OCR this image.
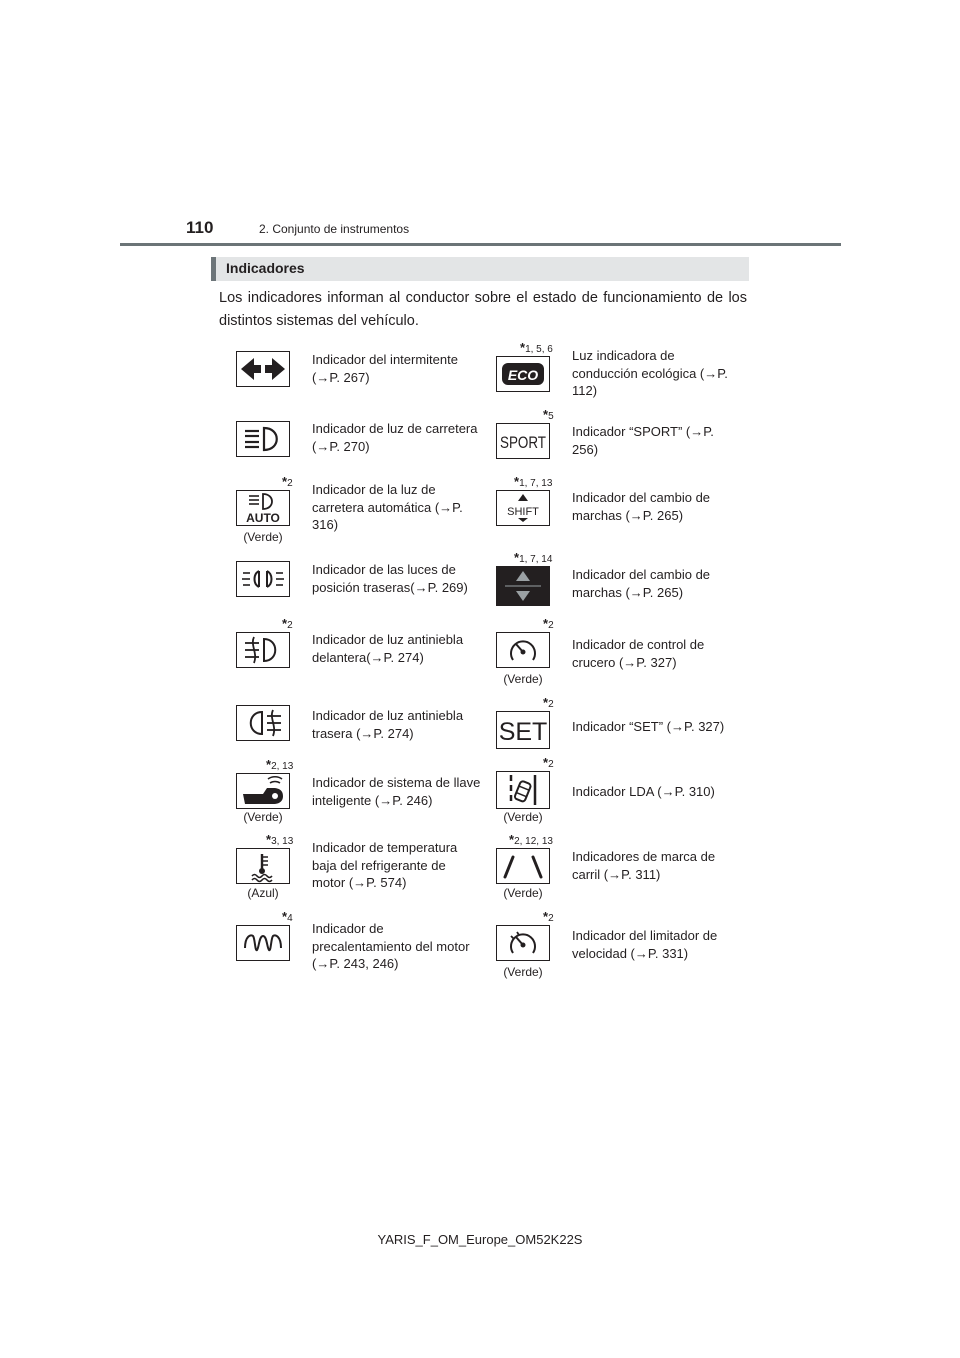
110	2. Conjunto de instrumentos
Indicadores
Los indicadores informan al conductor sobre el estado de funcionamiento de los distintos sistemas del vehículo.
Indicador del intermitente (→P. 267)
Indicador de luz de carretera (→P. 270)
*2
AUTO
(Verde)
Indicador de la luz de carretera automática (→P. 316)
Indicador de las luces de posición traseras(→P. 269)
*2
Indicador de luz antiniebla delantera(→P. 274)
Indicador de luz antiniebla trasera (→P. 274)
*2, 13
(Verde)
Indicador de sistema de llave inteligente (→P. 246)
*3, 13
(Azul)
Indicador de temperatura baja del refrigerante de motor (→P. 574)
*4
Indicador de precalentamiento del motor (→P. 243, 246)
*1, 5, 6
ECO
Luz indicadora de conducción ecológica (→P. 112)
*5
SPORT
Indicador “SPORT” (→P. 256)
*1, 7, 13
SHIFT
Indicador del cambio de marchas (→P. 265)
*1, 7, 14
Indicador del cambio de marchas (→P. 265)
*2
(Verde)
Indicador de control de crucero (→P. 327)
*2
SET Indicador “SET” (→P. 327)
*2
(Verde)
Indicador LDA (→P. 310)
*2, 12, 13
(Verde)
Indicadores de marca de carril (→P. 311)
*2
(Verde)
Indicador del limitador de velocidad (→P. 331)
YARIS_F_OM_Europe_OM52K22S
